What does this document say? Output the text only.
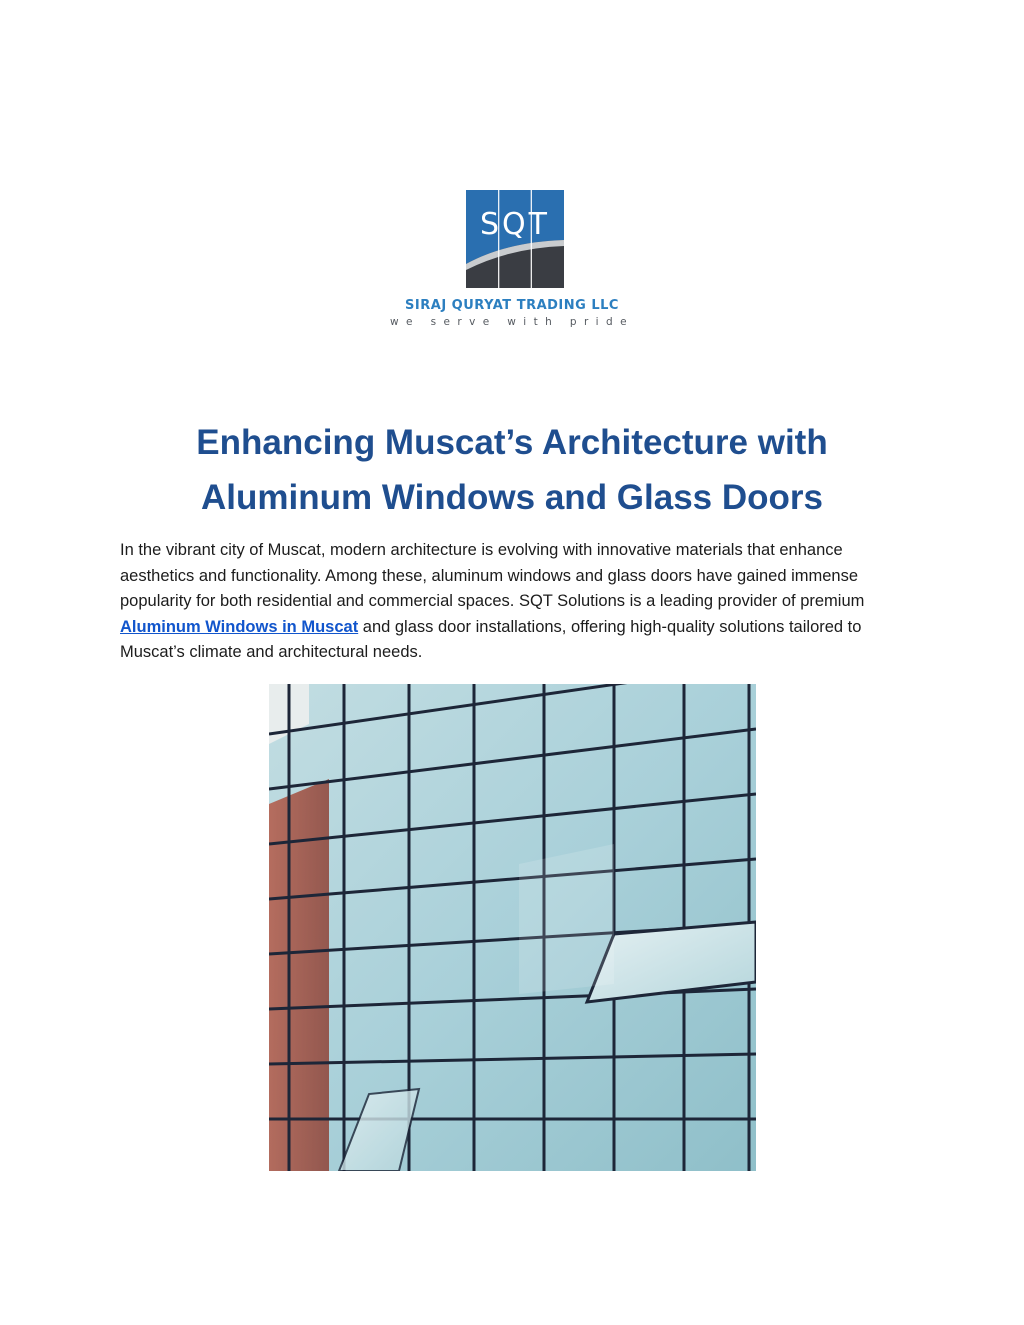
SQT
SIRAJ QURYAT TRADING LLC
we serve with pride
Enhancing Muscat’s Architecture with
Aluminum Windows and Glass Doors

In the vibrant city of Muscat, modern architecture is evolving with innovative materials that enhance aesthetics and functionality. Among these, aluminum windows and glass doors have gained immense popularity for both residential and commercial spaces. SQT Solutions is a leading provider of premium Aluminum Windows in Muscat and glass door installations, offering high-quality solutions tailored to Muscat’s climate and architectural needs.
